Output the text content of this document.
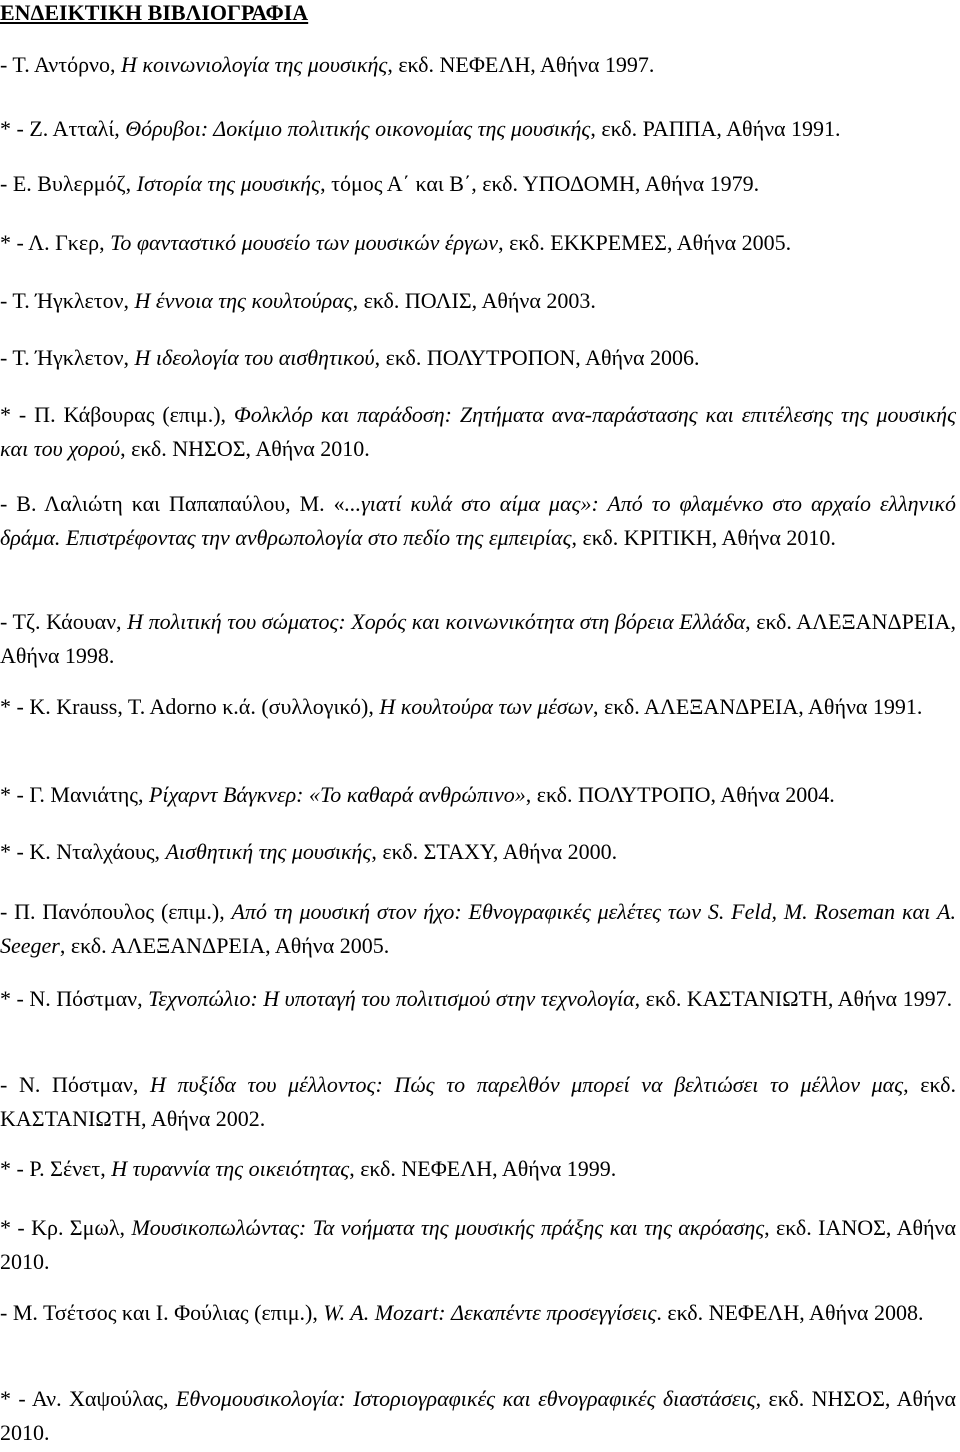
ΕΝΔΕΙΚΤΙΚΗ ΒΙΒΛΙΟΓΡΑΦΙΑ
- Τ. Αντόρνο, Η κοινωνιολογία της μουσικής, εκδ. ΝΕΦΕΛΗ, Αθήνα 1997.
* - Ζ. Ατταλί, Θόρυβοι: Δοκίμιο πολιτικής οικονομίας της μουσικής, εκδ. ΡΑΠΠΑ, Αθήνα 1991.
- Ε. Βυλερμόζ, Ιστορία της μουσικής, τόμος Α΄ και Β΄, εκδ. ΥΠΟΔΟΜΗ, Αθήνα 1979.
* - Λ. Γκερ, Το φανταστικό μουσείο των μουσικών έργων, εκδ. ΕΚΚΡΕΜΕΣ, Αθήνα 2005.
- Τ. Ήγκλετον, Η έννοια της κουλτούρας, εκδ. ΠΟΛΙΣ, Αθήνα 2003.
- Τ. Ήγκλετον, Η ιδεολογία του αισθητικού, εκδ. ΠΟΛΥΤΡΟΠΟΝ, Αθήνα 2006.
* - Π. Κάβουρας (επιμ.), Φολκλόρ και παράδοση: Ζητήματα ανα-παράστασης και επιτέλεσης της μουσικής και του χορού, εκδ. ΝΗΣΟΣ, Αθήνα 2010.
- Β. Λαλιώτη και Παπαπαύλου, Μ. «...γιατί κυλά στο αίμα μας»: Από το φλαμένκο στο αρχαίο ελληνικό δράμα. Επιστρέφοντας την ανθρωπολογία στο πεδίο της εμπειρίας, εκδ. ΚΡΙΤΙΚΗ, Αθήνα 2010.
- Τζ. Κάουαν, Η πολιτική του σώματος: Χορός και κοινωνικότητα στη βόρεια Ελλάδα, εκδ. ΑΛΕΞΑΝΔΡΕΙΑ, Αθήνα 1998.
* - Κ. Krauss, T. Adorno κ.ά. (συλλογικό), Η κουλτούρα των μέσων, εκδ. ΑΛΕΞΑΝΔΡΕΙΑ, Αθήνα 1991.
* - Γ. Μανιάτης, Ρίχαρντ Βάγκνερ: «Το καθαρά ανθρώπινο», εκδ. ΠΟΛΥΤΡΟΠΟ, Αθήνα 2004.
* - Κ. Νταλχάους, Αισθητική της μουσικής, εκδ. ΣΤΑΧΥ, Αθήνα 2000.
- Π. Πανόπουλος (επιμ.), Από τη μουσική στον ήχο: Εθνογραφικές μελέτες των S. Feld, M. Roseman και A. Seeger, εκδ. ΑΛΕΞΑΝΔΡΕΙΑ, Αθήνα 2005.
* - Ν. Πόστμαν, Τεχνοπώλιο: Η υποταγή του πολιτισμού στην τεχνολογία, εκδ. ΚΑΣΤΑΝΙΩΤΗ, Αθήνα 1997.
- Ν. Πόστμαν, Η πυξίδα του μέλλοντος: Πώς το παρελθόν μπορεί να βελτιώσει το μέλλον μας, εκδ. ΚΑΣΤΑΝΙΩΤΗ, Αθήνα 2002.
* - Ρ. Σένετ, Η τυραννία της οικειότητας, εκδ. ΝΕΦΕΛΗ, Αθήνα 1999.
* - Κρ. Σμωλ, Μουσικοπωλώντας: Τα νοήματα της μουσικής πράξης και της ακρόασης, εκδ. ΙΑΝΟΣ, Αθήνα 2010.
- Μ. Τσέτσος και Ι. Φούλιας (επιμ.), W. A. Mozart: Δεκαπέντε προσεγγίσεις. εκδ. ΝΕΦΕΛΗ, Αθήνα 2008.
* - Αν. Χαψούλας, Εθνομουσικολογία: Ιστοριογραφικές και εθνογραφικές διαστάσεις, εκδ. ΝΗΣΟΣ, Αθήνα 2010.
